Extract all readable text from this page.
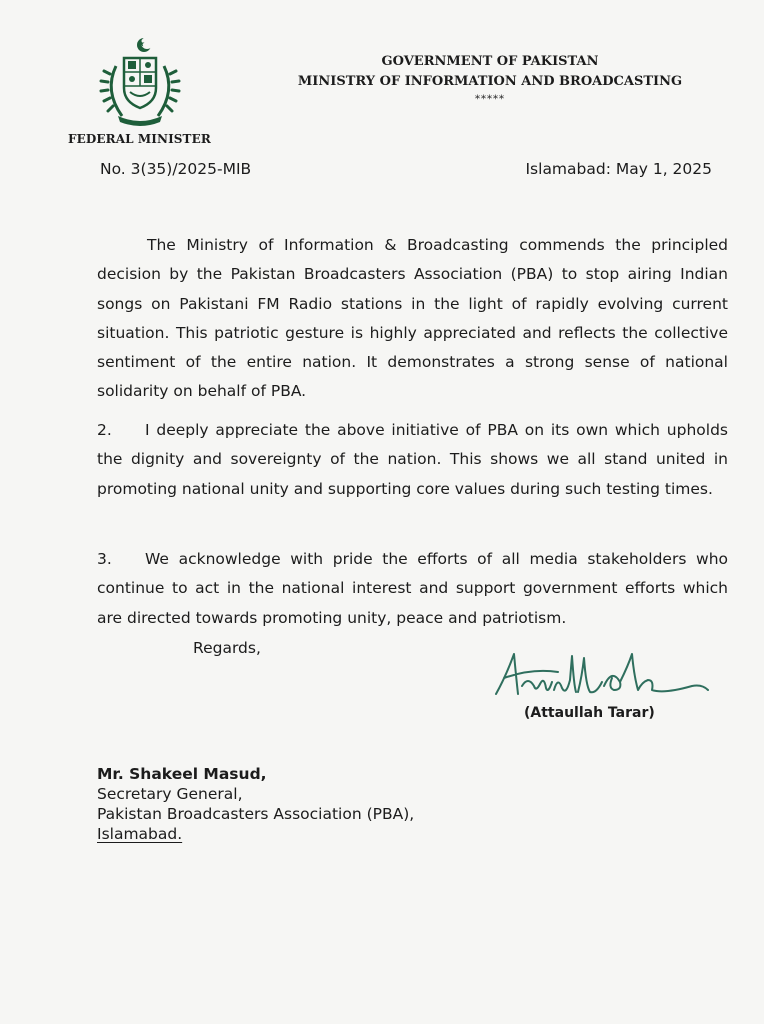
FEDERAL MINISTER
GOVERNMENT OF PAKISTAN
MINISTRY OF INFORMATION AND BROADCASTING
*****
No. 3(35)/2025-MIB	Islamabad: May 1, 2025
The Ministry of Information & Broadcasting commends the principled decision by the Pakistan Broadcasters Association (PBA) to stop airing Indian songs on Pakistani FM Radio stations in the light of rapidly evolving current situation. This patriotic gesture is highly appreciated and reflects the collective sentiment of the entire nation. It demonstrates a strong sense of national solidarity on behalf of PBA.
2. I deeply appreciate the above initiative of PBA on its own which upholds the dignity and sovereignty of the nation. This shows we all stand united in promoting national unity and supporting core values during such testing times.
3. We acknowledge with pride the efforts of all media stakeholders who continue to act in the national interest and support government efforts which are directed towards promoting unity, peace and patriotism.
Regards,
(Attaullah Tarar)
Mr. Shakeel Masud,
Secretary General,
Pakistan Broadcasters Association (PBA),
Islamabad.
